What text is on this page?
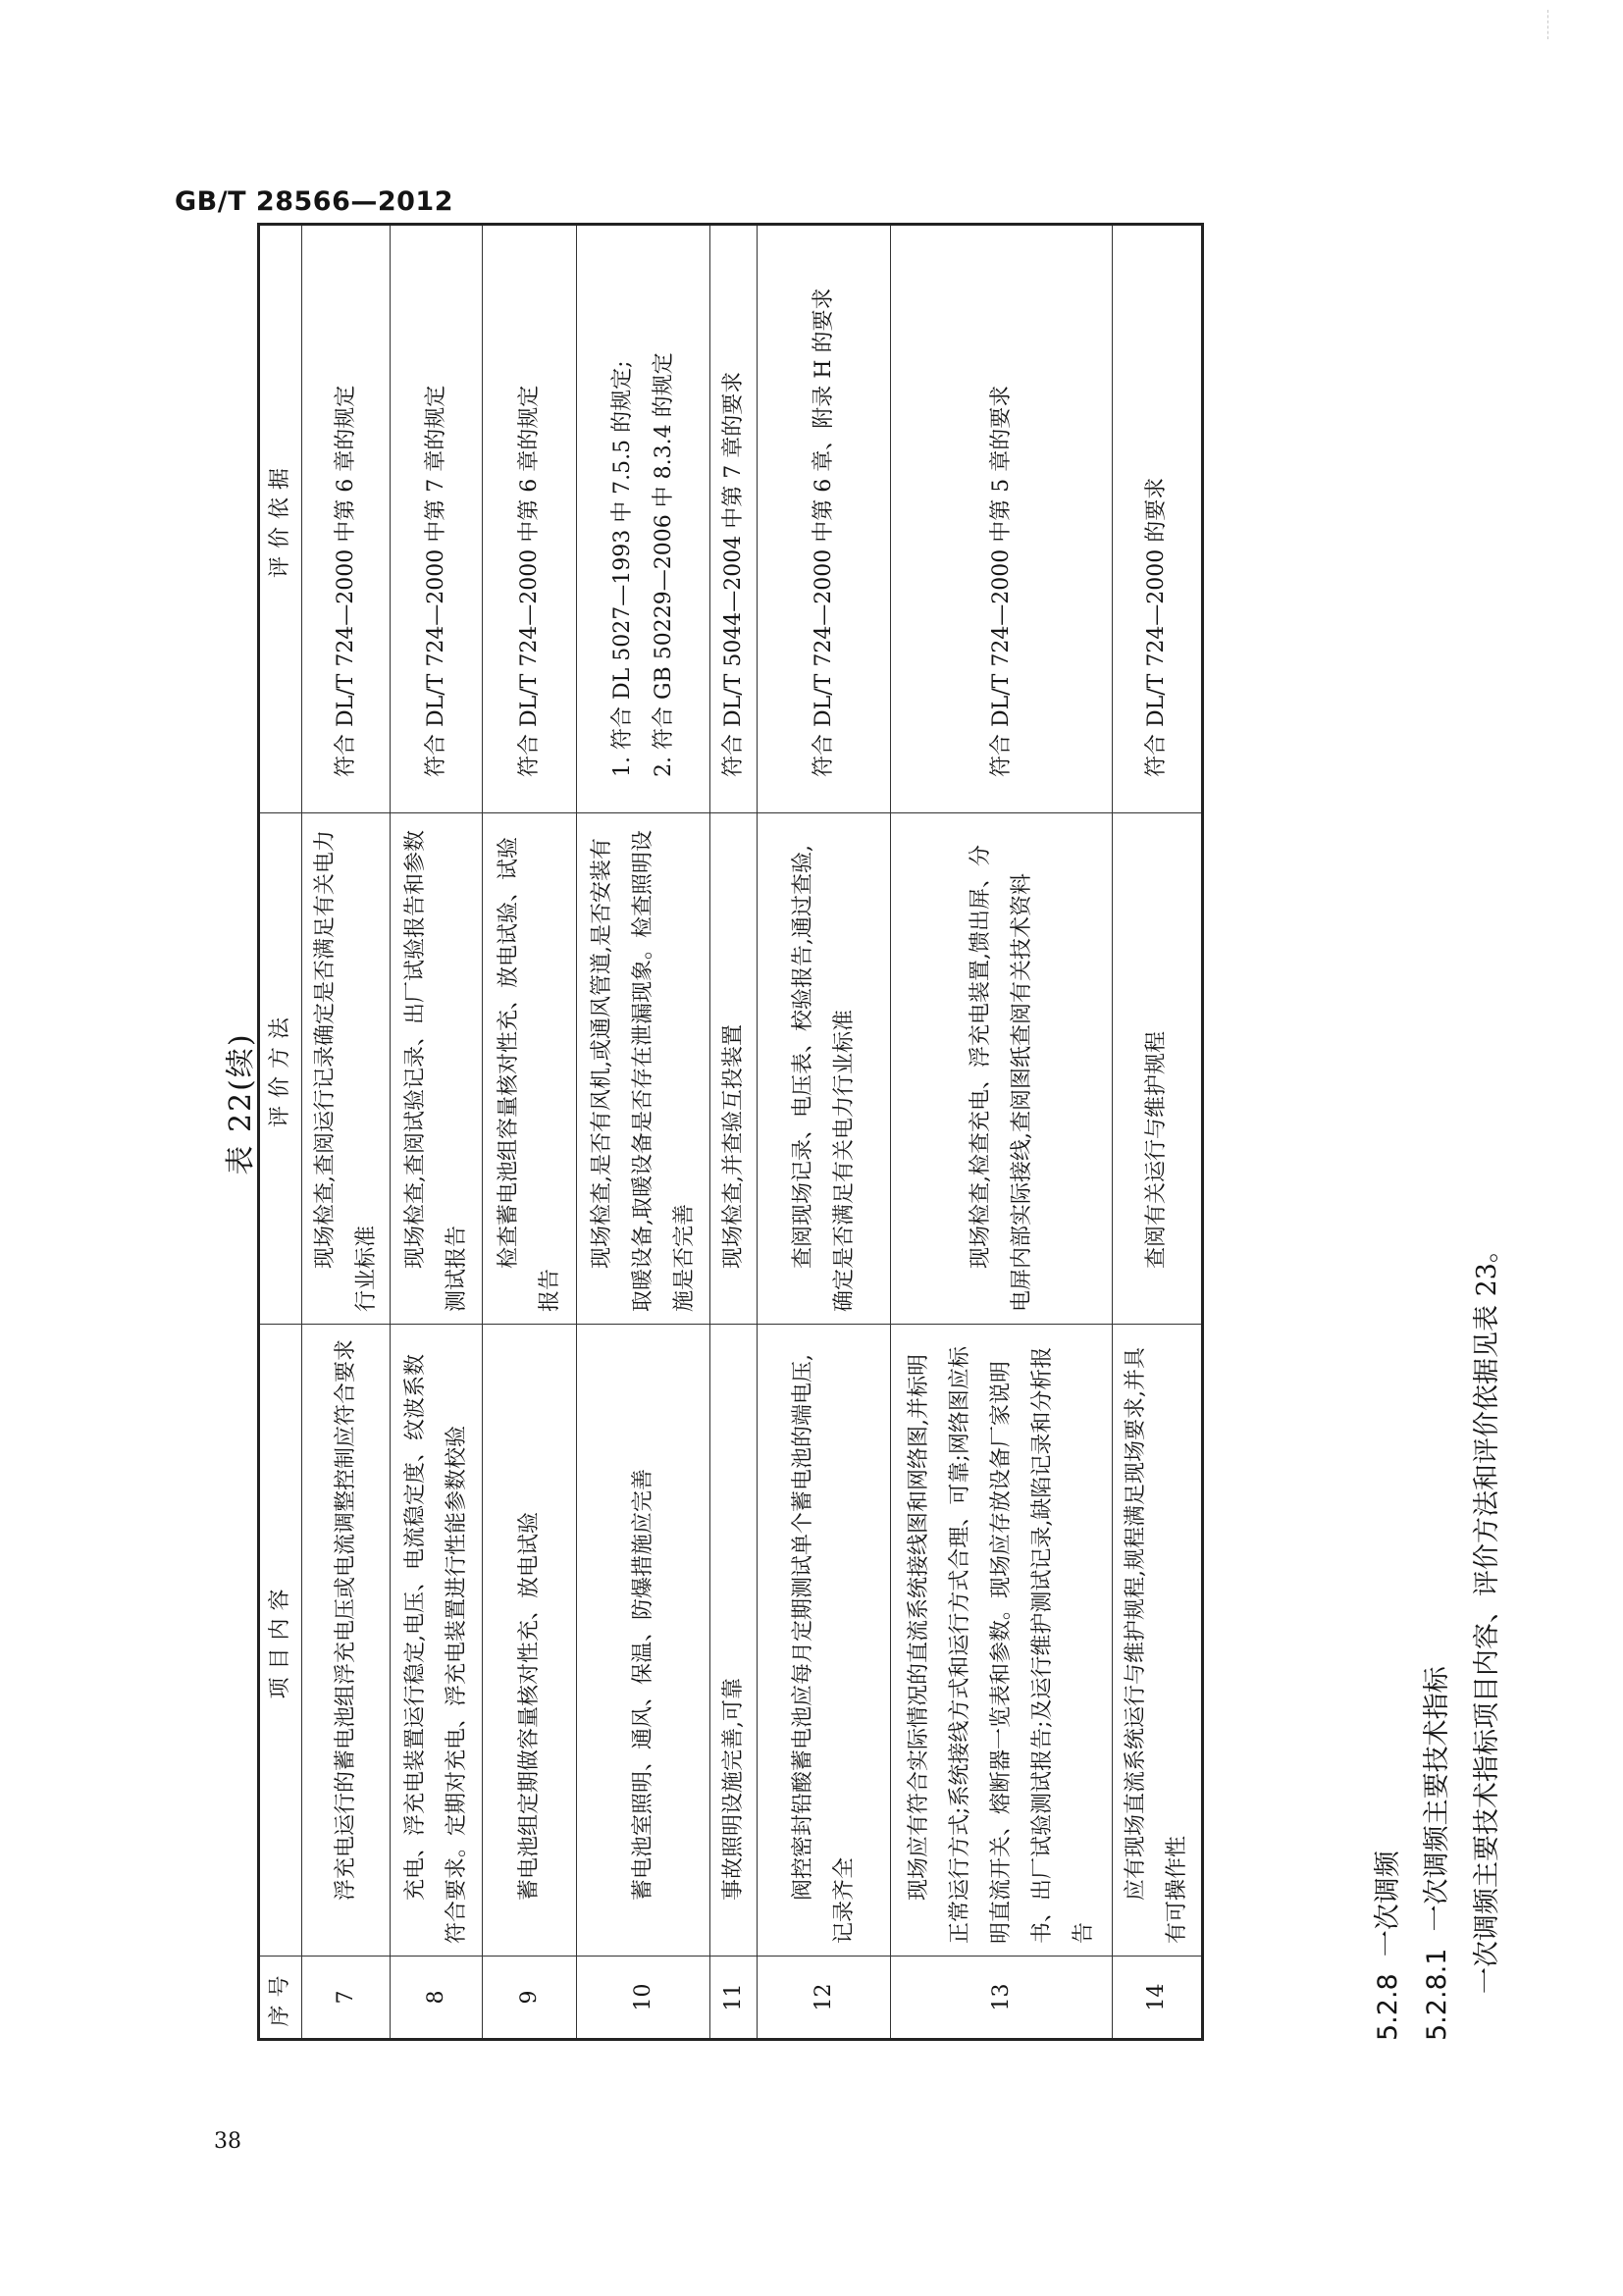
GB/T 28566—2012
表 22(续)
序号	项目内容	评价方法	评价依据
7	浮充电运行的蓄电池组浮充电压或电流调整控制应符合要求	现场检查,查阅运行记录确定是否满足有关电力行业标准	符合 DL/T 724—2000 中第 6 章的规定

8	充电、浮充电装置运行稳定,电压、电流稳定度、纹波系数符合要求。定期对充电、浮充电装置进行性能参数校验	现场检查,查阅试验记录、出厂试验报告和参数测试报告	符合 DL/T 724—2000 中第 7 章的规定

9	蓄电池组定期做容量核对性充、放电试验	检查蓄电池组容量核对性充、放电试验、试验报告	符合 DL/T 724—2000 中第 6 章的规定

10	蓄电池室照明、通风、保温、防爆措施应完善	现场检查,是否有风机,或通风管道,是否安装有取暖设备,取暖设备是否存在泄漏现象。检查照明设施是否完善	1. 符合 DL 5027—1993 中 7.5.5 的规定; 2. 符合 GB 50229—2006 中 8.3.4 的规定

11	事故照明设施完善,可靠	现场检查,并查验互投装置	符合 DL/T 5044—2004 中第 7 章的要求

12	阀控密封铅酸蓄电池应每月定期测试单个蓄电池的端电压,记录齐全	查阅现场记录、电压表、校验报告,通过查验,确定是否满足有关电力行业标准	符合 DL/T 724—2000 中第 6 章、附录 H 的要求

13	现场应有符合实际情况的直流系统接线图和网络图,并标明正常运行方式;系统接线方式和运行方式合理、可靠;网络图应标明直流开关、熔断器一览表和参数。现场应存放设备厂家说明书、出厂试验测试报告;及运行维护测试记录,缺陷记录和分析报告	现场检查,检查充电、浮充电装置,馈出屏、分电屏内部实际接线,查阅图纸查阅有关技术资料	符合 DL/T 724—2000 中第 5 章的要求

14	应有现场直流系统运行与维护规程,规程满足现场要求,并具有可操作性	查阅有关运行与维护规程	符合 DL/T 724—2000 的要求
5.2.8  一次调频
5.2.8.1  一次调频主要技术指标 一次调频主要技术指标项目内容、评价方法和评价依据见表 23。
38
